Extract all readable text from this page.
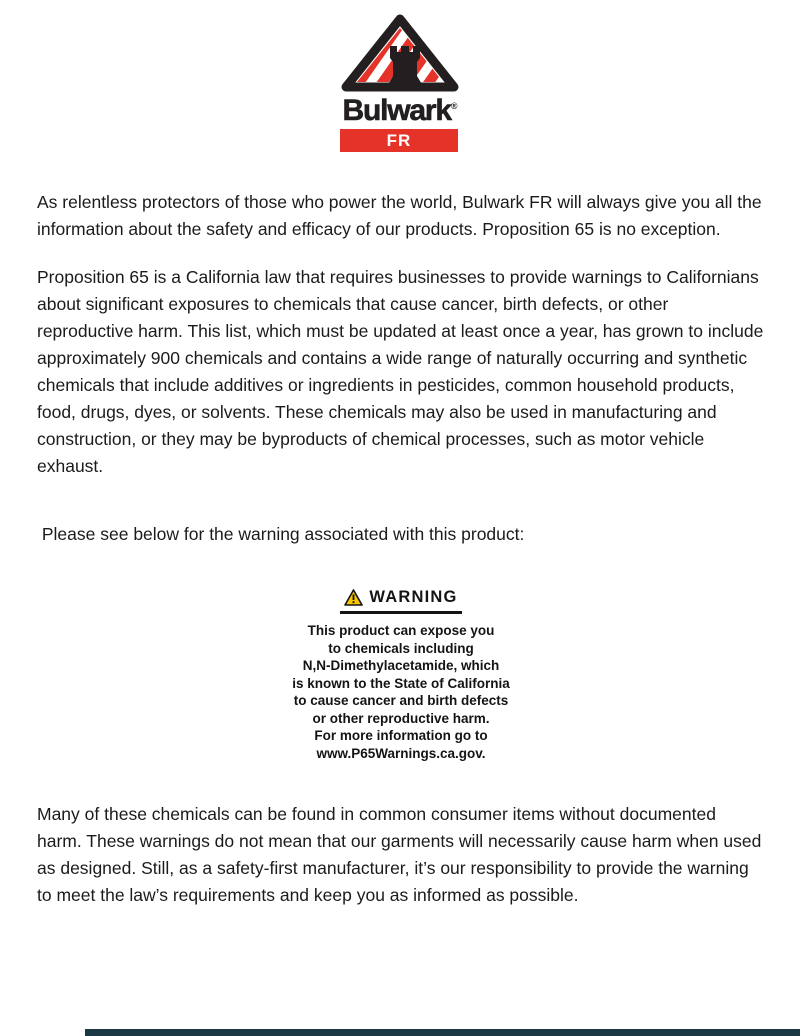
Bulwark®
FR

As relentless protectors of those who power the world, Bulwark FR will always give you all the information about the safety and efficacy of our products. Proposition 65 is no exception.

Proposition 65 is a California law that requires businesses to provide warnings to Californians about significant exposures to chemicals that cause cancer, birth defects, or other reproductive harm. This list, which must be updated at least once a year, has grown to include approximately 900 chemicals and contains a wide range of naturally occurring and synthetic chemicals that include additives or ingredients in pesticides, common household products, food, drugs, dyes, or solvents. These chemicals may also be used in manufacturing and construction, or they may be byproducts of chemical processes, such as motor vehicle exhaust.

Please see below for the warning associated with this product:

WARNING
This product can expose you
to chemicals including
N,N-Dimethylacetamide, which
is known to the State of California
to cause cancer and birth defects
or other reproductive harm.
For more information go to
www.P65Warnings.ca.gov.

Many of these chemicals can be found in common consumer items without documented harm. These warnings do not mean that our garments will necessarily cause harm when used as designed. Still, as a safety-first manufacturer, it’s our responsibility to provide the warning to meet the law’s requirements and keep you as informed as possible.
